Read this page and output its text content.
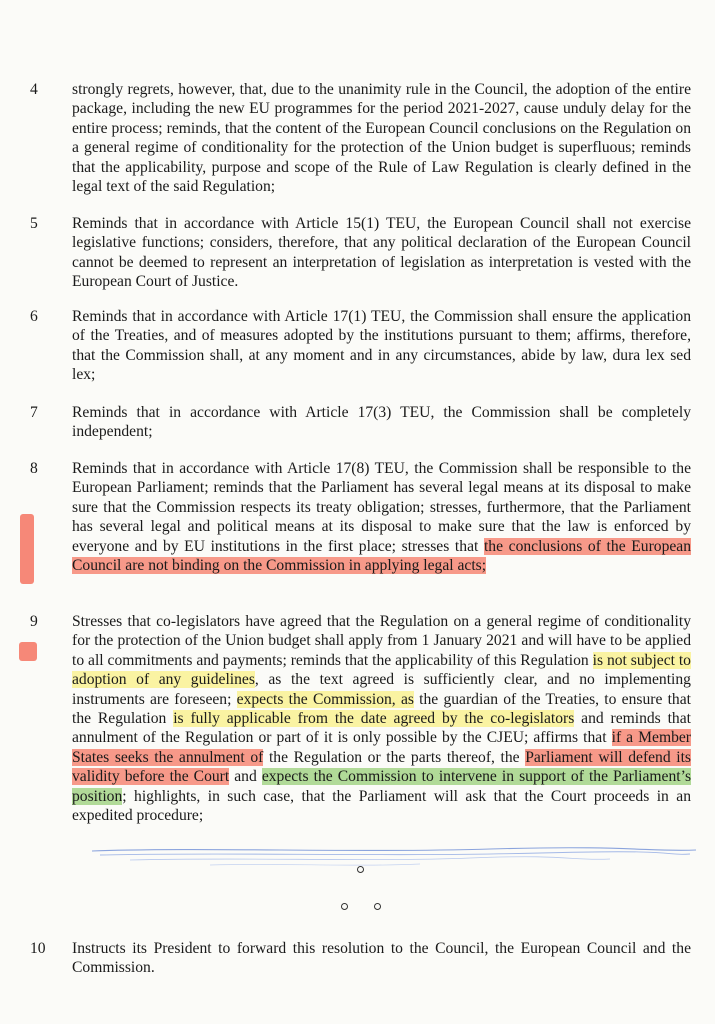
4 strongly regrets, however, that, due to the unanimity rule in the Council, the adoption of the entire package, including the new EU programmes for the period 2021-2027, cause unduly delay for the entire process; reminds, that the content of the European Council conclusions on the Regulation on a general regime of conditionality for the protection of the Union budget is superfluous; reminds that the applicability, purpose and scope of the Rule of Law Regulation is clearly defined in the legal text of the said Regulation;

5 Reminds that in accordance with Article 15(1) TEU, the European Council shall not exercise legislative functions; considers, therefore, that any political declaration of the European Council cannot be deemed to represent an interpretation of legislation as interpretation is vested with the European Court of Justice.

6 Reminds that in accordance with Article 17(1) TEU, the Commission shall ensure the application of the Treaties, and of measures adopted by the institutions pursuant to them; affirms, therefore, that the Commission shall, at any moment and in any circumstances, abide by law, dura lex sed lex;

7 Reminds that in accordance with Article 17(3) TEU, the Commission shall be completely independent;

8 Reminds that in accordance with Article 17(8) TEU, the Commission shall be responsible to the European Parliament; reminds that the Parliament has several legal means at its disposal to make sure that the Commission respects its treaty obligation; stresses, furthermore, that the Parliament has several legal and political means at its disposal to make sure that the law is enforced by everyone and by EU institutions in the first place; stresses that the conclusions of the European Council are not binding on the Commission in applying legal acts;

9 Stresses that co-legislators have agreed that the Regulation on a general regime of conditionality for the protection of the Union budget shall apply from 1 January 2021 and will have to be applied to all commitments and payments; reminds that the applicability of this Regulation is not subject to adoption of any guidelines, as the text agreed is sufficiently clear, and no implementing instruments are foreseen; expects the Commission, as the guardian of the Treaties, to ensure that the Regulation is fully applicable from the date agreed by the co-legislators and reminds that annulment of the Regulation or part of it is only possible by the CJEU; affirms that if a Member States seeks the annulment of the Regulation or the parts thereof, the Parliament will defend its validity before the Court and expects the Commission to intervene in support of the Parliament’s position; highlights, in such case, that the Parliament will ask that the Court proceeds in an expedited procedure;

10 Instructs its President to forward this resolution to the Council, the European Council and the Commission.
